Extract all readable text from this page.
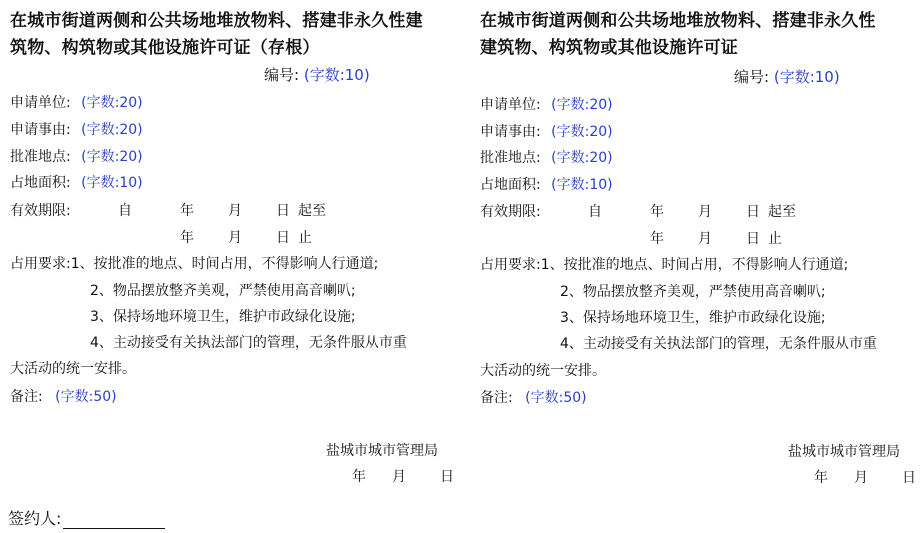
在城市街道两侧和公共场地堆放物料、搭建非永久性建
筑物、构筑物或其他设施许可证（存根）
编号: (字数:10)
申请单位: (字数:20)
申请事由: (字数:20)
批准地点: (字数:20)
占地面积: (字数:10)
有效期限:	自	年 月 日 起至
年 月 日 止
占用要求:1、按批准的地点、时间占用，不得影响人行通道;
2、物品摆放整齐美观，严禁使用高音喇叭;
3、保持场地环境卫生，维护市政绿化设施;
4、主动接受有关执法部门的管理，无条件服从市重
大活动的统一安排。
备注: (字数:50)
盐城市城市管理局
年 月 日
签约人:
在城市街道两侧和公共场地堆放物料、搭建非永久性
建筑物、构筑物或其他设施许可证
编号: (字数:10)
申请单位: (字数:20)
申请事由: (字数:20)
批准地点: (字数:20)
占地面积: (字数:10)
有效期限:	自	年 月 日 起至
年 月 日 止
占用要求:1、按批准的地点、时间占用，不得影响人行通道;
2、物品摆放整齐美观，严禁使用高音喇叭;
3、保持场地环境卫生，维护市政绿化设施;
4、主动接受有关执法部门的管理，无条件服从市重
大活动的统一安排。
备注: (字数:50)
盐城市城市管理局
年 月 日
